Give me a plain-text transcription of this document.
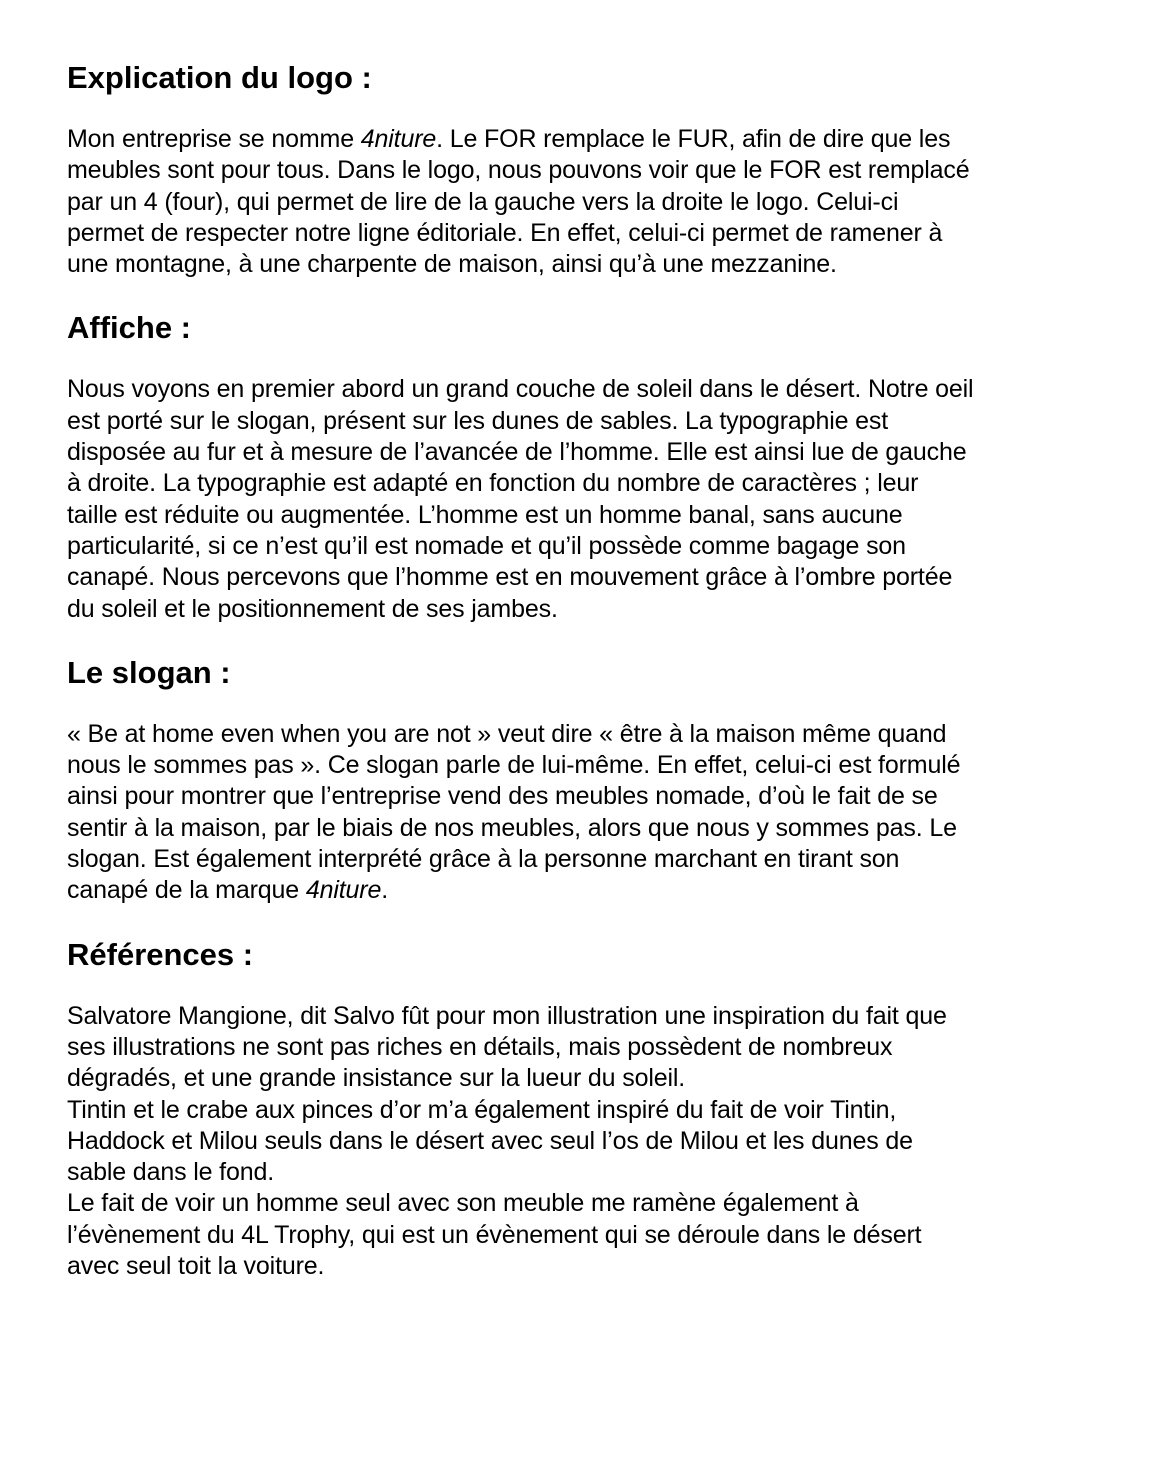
Explication du logo :

Mon entreprise se nomme 4niture. Le FOR remplace le FUR, afin de dire que les
meubles sont pour tous. Dans le logo, nous pouvons voir que le FOR est remplacé
par un 4 (four), qui permet de lire de la gauche vers la droite le logo. Celui-ci
permet de respecter notre ligne éditoriale. En effet, celui-ci permet de ramener à
une montagne, à une charpente de maison, ainsi qu’à une mezzanine.

Affiche :

Nous voyons en premier abord un grand couche de soleil dans le désert. Notre oeil
est porté sur le slogan, présent sur les dunes de sables. La typographie est
disposée au fur et à mesure de l’avancée de l’homme. Elle est ainsi lue de gauche
à droite. La typographie est adapté en fonction du nombre de caractères ; leur
taille est réduite ou augmentée. L’homme est un homme banal, sans aucune
particularité, si ce n’est qu’il est nomade et qu’il possède comme bagage son
canapé. Nous percevons que l’homme est en mouvement grâce à l’ombre portée
du soleil et le positionnement de ses jambes.

Le slogan :

« Be at home even when you are not » veut dire « être à la maison même quand
nous le sommes pas ». Ce slogan parle de lui-même. En effet, celui-ci est formulé
ainsi pour montrer que l’entreprise vend des meubles nomade, d’où le fait de se
sentir à la maison, par le biais de nos meubles, alors que nous y sommes pas. Le
slogan. Est également interprété grâce à la personne marchant en tirant son
canapé de la marque 4niture.

Références :

Salvatore Mangione, dit Salvo fût pour mon illustration une inspiration du fait que
ses illustrations ne sont pas riches en détails, mais possèdent de nombreux
dégradés, et une grande insistance sur la lueur du soleil.
Tintin et le crabe aux pinces d’or m’a également inspiré du fait de voir Tintin,
Haddock et Milou seuls dans le désert avec seul l’os de Milou et les dunes de
sable dans le fond.
Le fait de voir un homme seul avec son meuble me ramène également à
l’évènement du 4L Trophy, qui est un évènement qui se déroule dans le désert
avec seul toit la voiture.
